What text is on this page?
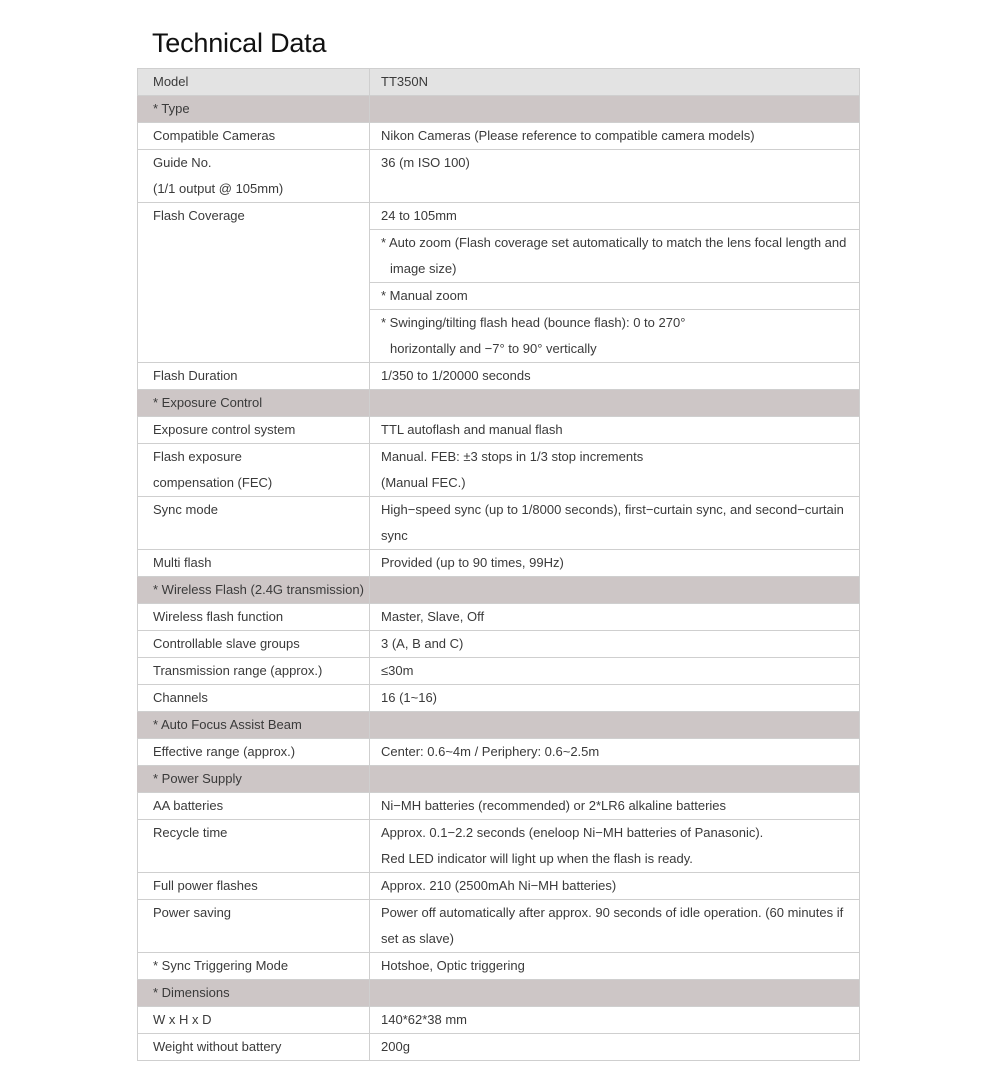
Technical Data
Model	TT350N

* Type	

Compatible Cameras	Nikon Cameras (Please reference to compatible camera models)

Guide No.
(1/1 output @ 105mm)	36 (m ISO 100)

Flash Coverage	24 to 105mm

	* Auto zoom (Flash coverage set automatically to match the lens focal length and
image size)

	* Manual zoom

	* Swinging/tilting flash head (bounce flash): 0 to 270°
horizontally and −7° to 90° vertically

Flash Duration	1/350 to 1/20000 seconds

* Exposure Control	

Exposure control system	TTL autoflash and manual flash

Flash exposure
compensation (FEC)	Manual. FEB: ±3 stops in 1/3 stop increments
(Manual FEC.)

Sync mode	High−speed sync (up to 1/8000 seconds), first−curtain sync, and second−curtain
sync

Multi flash	Provided (up to 90 times, 99Hz)

* Wireless Flash (2.4G transmission)	

Wireless flash function	Master, Slave, Off

Controllable slave groups	3 (A, B and C)

Transmission range (approx.)	≤30m

Channels	16 (1~16)

* Auto Focus Assist Beam	

Effective range (approx.)	Center: 0.6~4m / Periphery: 0.6~2.5m

* Power Supply	

AA batteries	Ni−MH batteries (recommended) or 2*LR6 alkaline batteries

Recycle time	Approx. 0.1−2.2 seconds (eneloop Ni−MH batteries of Panasonic).
Red LED indicator will light up when the flash is ready.

Full power flashes	Approx. 210 (2500mAh Ni−MH batteries)

Power saving	Power off automatically after approx. 90 seconds of idle operation. (60 minutes if
set as slave)

* Sync Triggering Mode	Hotshoe, Optic triggering

* Dimensions	

W x H x D	140*62*38 mm

Weight without battery	200g
